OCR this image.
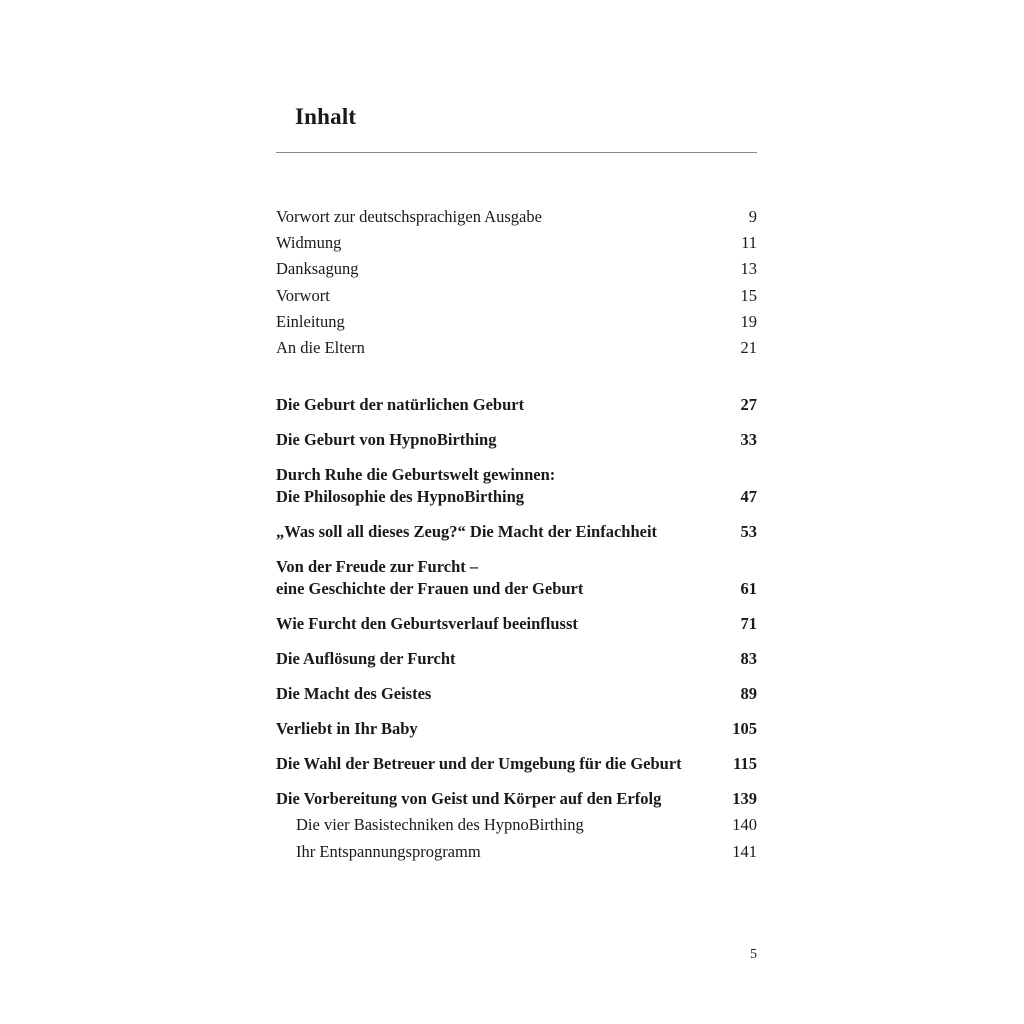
Inhalt
Vorwort zur deutschsprachigen Ausgabe	9
Widmung	11
Danksagung	13
Vorwort	15
Einleitung	19
An die Eltern	21
Die Geburt der natürlichen Geburt	27
Die Geburt von HypnoBirthing	33
Durch Ruhe die Geburtswelt gewinnen:
Die Philosophie des HypnoBirthing	47
„Was soll all dieses Zeug?“ Die Macht der Einfachheit	53
Von der Freude zur Furcht –
eine Geschichte der Frauen und der Geburt	61
Wie Furcht den Geburtsverlauf beeinflusst	71
Die Auflösung der Furcht	83
Die Macht des Geistes	89
Verliebt in Ihr Baby	105
Die Wahl der Betreuer und der Umgebung für die Geburt	115
Die Vorbereitung von Geist und Körper auf den Erfolg	139
Die vier Basistechniken des HypnoBirthing	140
Ihr Entspannungsprogramm	141
5
